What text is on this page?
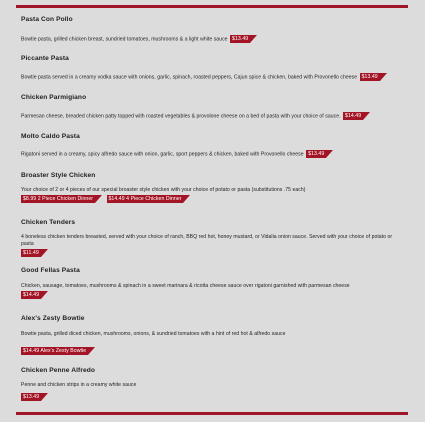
Pasta Con Pollo
Bowtie pasta, grilled chicken breast, sundried tomatoes, mushrooms & a light white sauce $13.49
Piccante Pasta
Bowtie pasta served in a creamy vodka sauce with onions, garlic, spinach, roasted peppers, Cajun spice & chicken, baked with Provonello cheese $13.49
Chicken Parmigiano
Parmesan cheese, breaded chicken patty topped with roasted vegetables & provolone cheese on a bed of pasta with your choice of sauce. $14.49
Molto Caldo Pasta
Rigatoni served in a creamy, spicy alfredo sauce with onion, garlic, sport peppers & chicken, baked with Provonello cheese $13.49
Broaster Style Chicken
Your choice of 2 or 4 pieces of our special broaster style chicken with your choice of potato or pasta (substitutions .75 each)
$8.99 2 Piece Chicken Dinner	$14.49 4 Piece Chicken Dinner
Chicken Tenders
4 boneless chicken tenders breasted, served with your choice of ranch, BBQ red hot, honey mustard, or Vidalia onion sauce. Served with your choice of potato or pasta
$11.49
Good Fellas Pasta
Chicken, sausage, tomatoes, mushrooms & spinach in a sweet marinara & ricotta cheese sauce over rigatoni garnished with parmesan cheese
$14.49
Alex's Zesty Bowtie
Bowtie pasta, grilled diced chicken, mushrooms, onions, & sundried tomatoes with a hint of red hot & alfredo sauce
$14.49 Alex's Zesty Bowtie
Chicken Penne Alfredo
Penne and chicken strips in a creamy white sauce
$13.49
